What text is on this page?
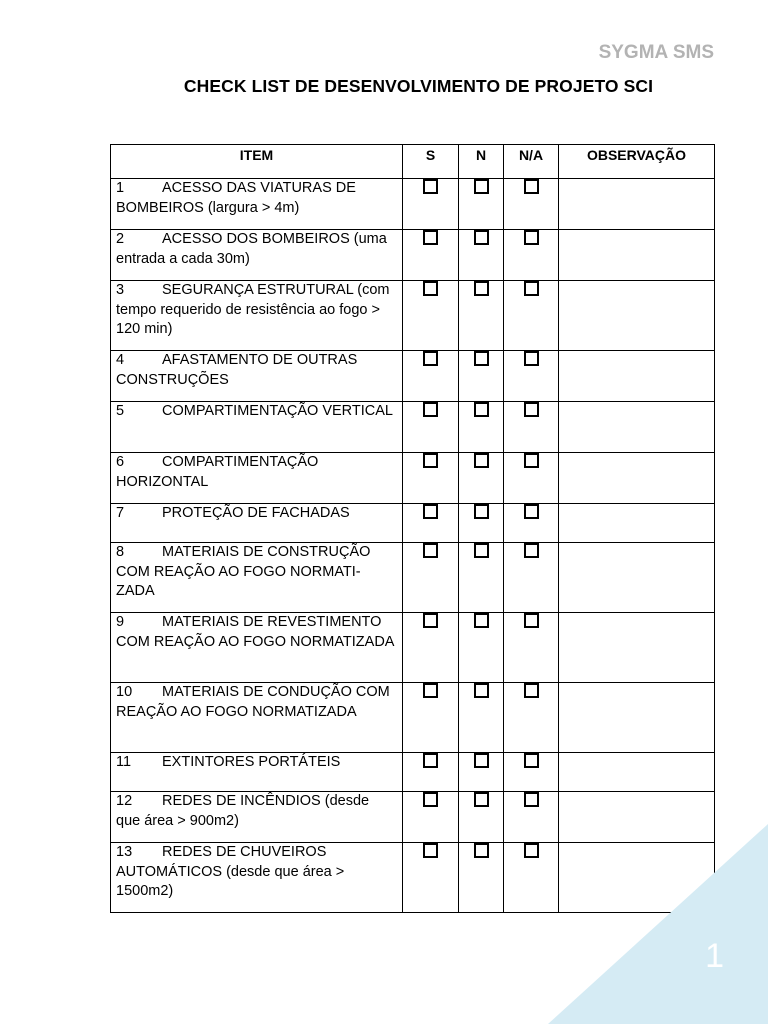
SYGMA SMS
CHECK LIST DE DESENVOLVIMENTO DE PROJETO SCI
ITEM	S	N	N/A	OBSERVAÇÃO
1 ACESSO DAS VIATURAS DE BOMBEIROS (largura > 4m)				
2 ACESSO DOS BOMBEIROS (uma entrada a cada 30m)				
3 SEGURANÇA ESTRUTURAL (com tempo requerido de resistência ao fogo > 120 min)				
4 AFASTAMENTO DE OUTRAS CONSTRUÇÕES				
5 COMPARTIMENTAÇÃO VERTICAL				
6 COMPARTIMENTAÇÃO HORIZONTAL				
7 PROTEÇÃO DE FACHADAS				
8 MATERIAIS DE CONSTRUÇÃO COM REAÇÃO AO FOGO NORMATI-ZADA				
9 MATERIAIS DE REVESTIMENTO COM REAÇÃO AO FOGO NORMATIZADA				
10 MATERIAIS DE CONDUÇÃO COM REAÇÃO AO FOGO NORMATIZADA				
11 EXTINTORES PORTÁTEIS				
12 REDES DE INCÊNDIOS (desde que área > 900m2)				
13 REDES DE CHUVEIROS AUTOMÁTICOS (desde que área > 1500m2)				
1
